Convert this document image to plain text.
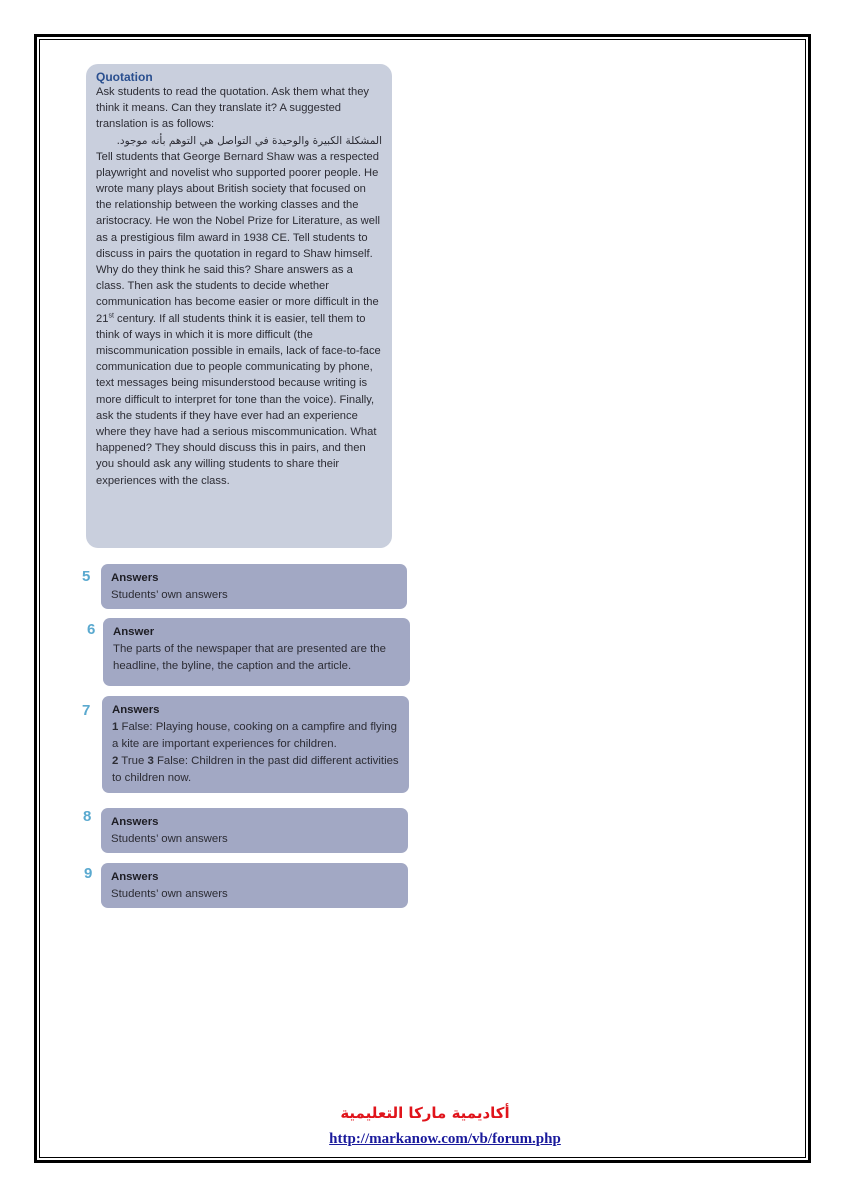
Quotation
Ask students to read the quotation. Ask them what they think it means. Can they translate it? A suggested translation is as follows:
المشكلة الكبيرة والوحيدة في التواصل هي التوهم بأنه موجود.
Tell students that George Bernard Shaw was a respected playwright and novelist who supported poorer people. He wrote many plays about British society that focused on the relationship between the working classes and the aristocracy. He won the Nobel Prize for Literature, as well as a prestigious film award in 1938 CE. Tell students to discuss in pairs the quotation in regard to Shaw himself. Why do they think he said this? Share answers as a class. Then ask the students to decide whether communication has become easier or more difficult in the 21st century. If all students think it is easier, tell them to think of ways in which it is more difficult (the miscommunication possible in emails, lack of face-to-face communication due to people communicating by phone, text messages being misunderstood because writing is more difficult to interpret for tone than the voice). Finally, ask the students if they have ever had an experience where they have had a serious miscommunication. What happened? They should discuss this in pairs, and then you should ask any willing students to share their experiences with the class.
5 Answers
Students’ own answers
6 Answer
The parts of the newspaper that are presented are the headline, the byline, the caption and the article.
7 Answers
1 False: Playing house, cooking on a campfire and flying a kite are important experiences for children.
2 True 3 False: Children in the past did different activities to children now.
8 Answers
Students’ own answers
9 Answers
Students’ own answers
أكاديمية ماركا التعليمية
http://markanow.com/vb/forum.php
